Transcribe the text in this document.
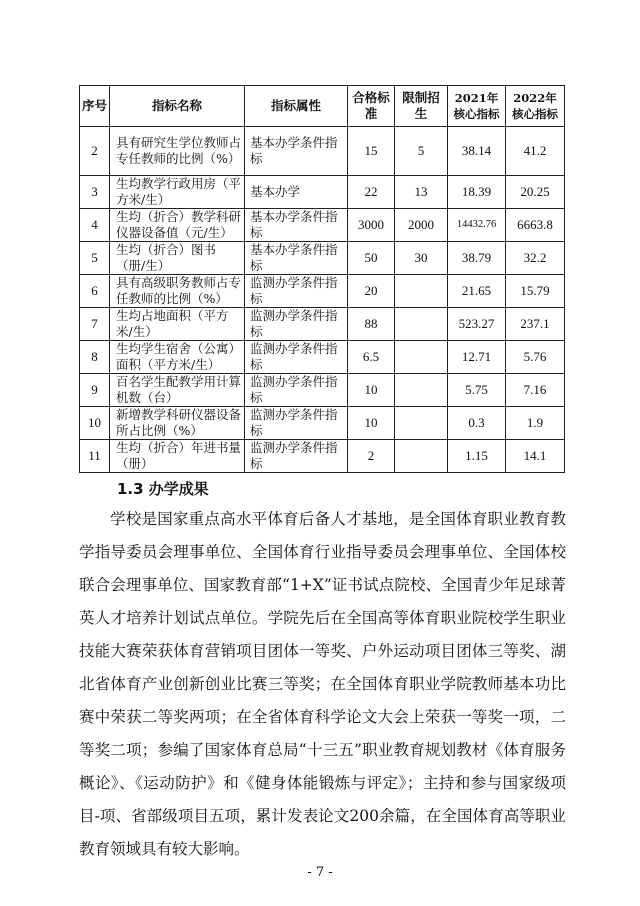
序号	指标名称	指标属性	合格标准	限制招生	2021年核心指标	2022年核心指标
2	具有研究生学位教师占专任教师的比例（%）	基本办学条件指标	15	5	38.14	41.2
3	生均教学行政用房（平方米/生）	基本办学	22	13	18.39	20.25
4	生均（折合）教学科研仪器设备值（元/生）	基本办学条件指标	3000	2000	14432.76	6663.8
5	生均（折合）图书（册/生）	基本办学条件指标	50	30	38.79	32.2
6	具有高级职务教师占专任教师的比例（%）	监测办学条件指标	20		21.65	15.79
7	生均占地面积（平方米/生）	监测办学条件指标	88		523.27	237.1
8	生均学生宿舍（公寓）面积（平方米/生）	监测办学条件指标	6.5		12.71	5.76
9	百名学生配教学用计算机数（台）	监测办学条件指标	10		5.75	7.16
10	新增教学科研仪器设备所占比例（%）	监测办学条件指标	10		0.3	1.9
11	生均（折合）年进书量（册）	监测办学条件指标	2		1.15	14.1
1.3 办学成果
学校是国家重点高水平体育后备人才基地，是全国体育职业教育教学指导委员会理事单位、全国体育行业指导委员会理事单位、全国体校联合会理事单位、国家教育部“1+X”证书试点院校、全国青少年足球菁英人才培养计划试点单位。学院先后在全国高等体育职业院校学生职业技能大赛荣获体育营销项目团体一等奖、户外运动项目团体三等奖、湖北省体育产业创新创业比赛三等奖；在全国体育职业学院教师基本功比赛中荣获二等奖两项；在全省体育科学论文大会上荣获一等奖一项，二等奖二项；参编了国家体育总局“十三五”职业教育规划教材《体育服务概论》、《运动防护》和《健身体能锻炼与评定》；主持和参与国家级项目-项、省部级项目五项，累计发表论文200余篇，在全国体育高等职业教育领域具有较大影响。
- 7 -
